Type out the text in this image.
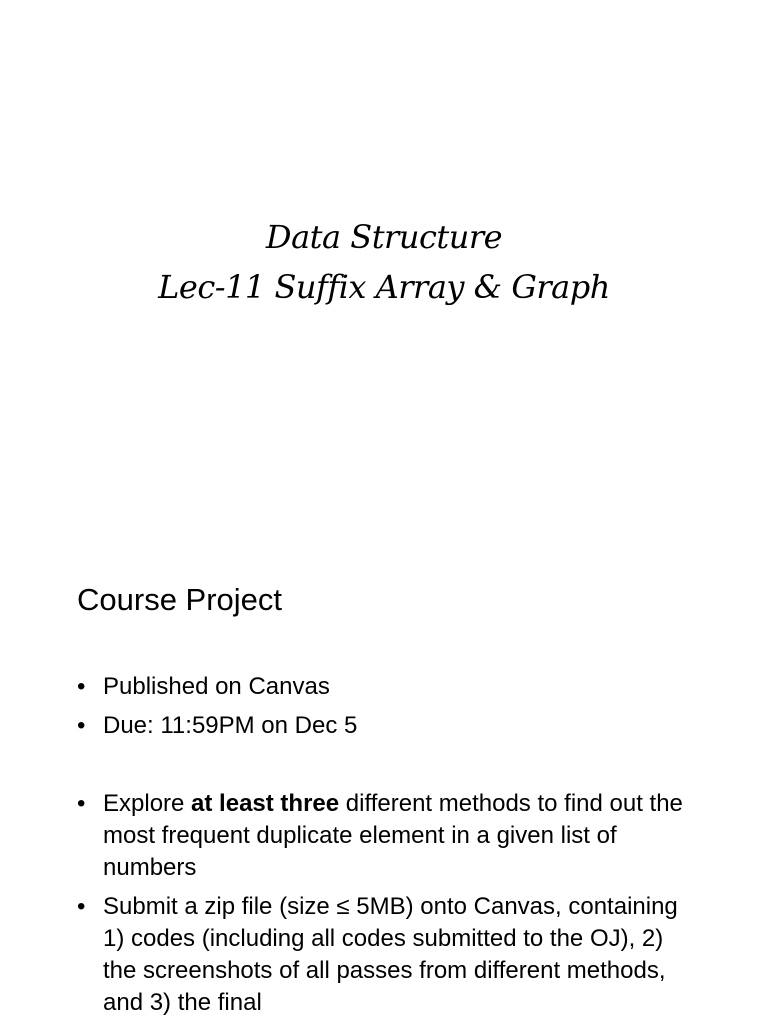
Data Structure
Lec-11 Suffix Array & Graph
Course Project
• Published on Canvas
• Due: 11:59PM on Dec 5
• Explore at least three different methods to find out the most frequent duplicate element in a given list of numbers
• Submit a zip file (size ≤ 5MB) onto Canvas, containing 1) codes (including all codes submitted to the OJ), 2) the screenshots of all passes from different methods, and 3) the final
